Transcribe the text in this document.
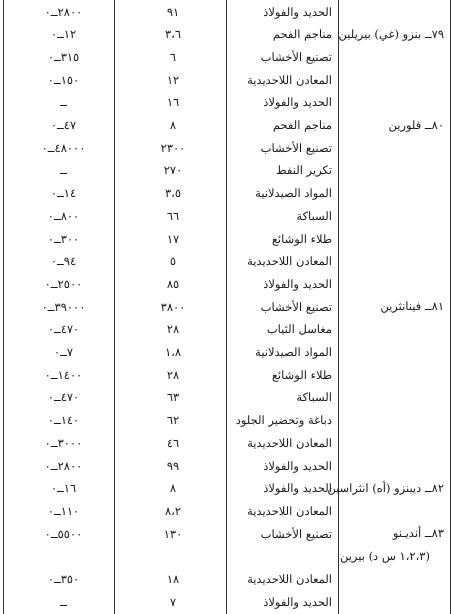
الحديد والفولاذ
٩١
٢٨٠٠ــ٠
مناجم الفحم
٣،٦
١٢ــ٠
تصنيع الأخشاب
٦
٣١٥ــ٠
المعادن اللاحديدية
١٢
١٥٠ــ٠
الحديد والفولاذ
١٦
ــ
مناجم الفحم
٨
٤٧ــ٠
تصنيع الأخشاب
٢٣٠٠
٤٨٠٠٠ــ٠
تكرير النفط
٢٧٠
ــ
المواد الصيدلانية
٣،٥
١٤ــ٠
السباكة
٦٦
٨٠٠ــ٠
طلاء الوشائع
١٧
٣٠٠ــ٠
المعادن اللاحديدية
٥
٩٤ــ٠
الحديد والفولاذ
٨٥
٢٥٠٠ــ٠
تصنيع الأخشاب
٣٨٠٠
٣٩٠٠٠ــ٠
مغاسل الثياب
٢٨
٤٧٠ــ٠
المواد الصيدلانية
١،٨
٧ــ٠
طلاء الوشائع
٢٨
١٤٠٠ــ٠
السباكة
٦٣
٤٧٠ــ٠
دباغة وتحضير الجلود
٦٢
١٤٠ــ٠
المعادن اللاحديدية
٤٦
٣٠٠٠ــ٠
الحديد والفولاذ
٩٩
٢٨٠٠ــ٠
الحديد والفولاذ
٨
١٦ــ٠
المعادن اللاحديدية
٨،٢
١١٠ــ٠
تصنيع الأخشاب
١٣٠
٥٥٠٠ــ٠
المعادن اللاحديدية
١٨
٣٥٠ــ٠
الحديد والفولاذ
٧
ــ
٧٩ــ بنزو (غي) بيريلين
٨٠ــ فلورين
٨١ــ فينانثرين
٨٢ــ ديبنزو (أه) انثراسين
٨٣ــ أنديـنو
(١،٢،٣ س د) بيرين
